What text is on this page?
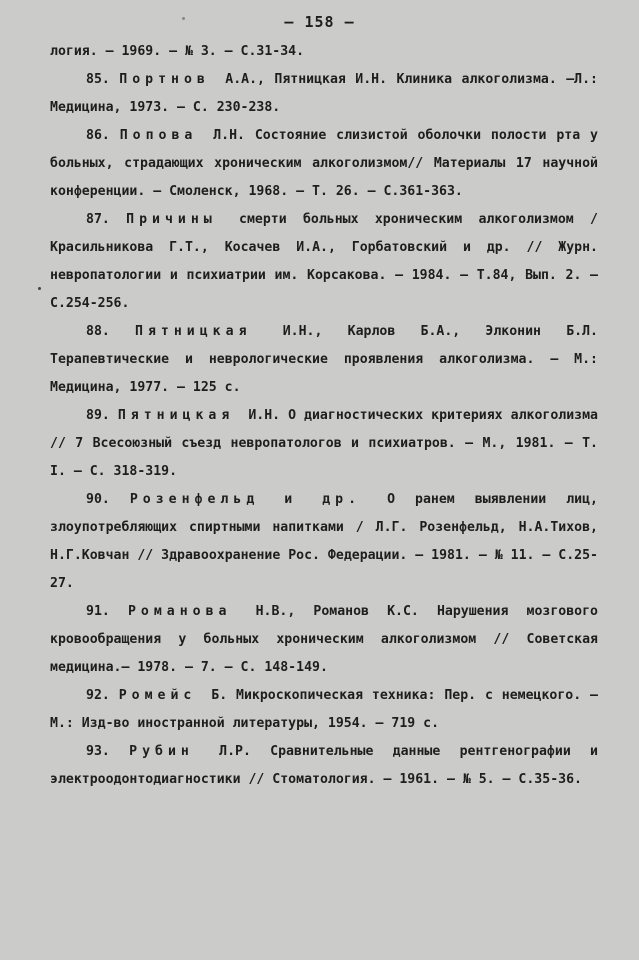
– 158 –
логия. – 1969. – № 3. – С.31-34.
85. Портнов А.А., Пятницкая И.Н. Клиника алкоголизма. –Л.: Медицина, 1973. – С. 230-238.
86. Попова Л.Н. Состояние слизистой оболочки полости рта у больных, страдающих хроническим алкоголизмом// Материалы 17 научной конференции. – Смоленск, 1968. – Т. 26. – С.361-363.
87. Причины смерти больных хроническим алкоголизмом /Красильникова Г.Т., Косачев И.А., Горбатовский и др. // Журн. невропатологии и психиатрии им. Корсакова. – 1984. – Т.84, Вып. 2. – С.254-256.
88. Пятницкая И.Н., Карлов Б.А., Элконин Б.Л. Терапевтические и неврологические проявления алкоголизма. – М.: Медицина, 1977. – 125 с.
89. Пятницкая И.Н. О диагностических критериях алкоголизма // 7 Всесоюзный съезд невропатологов и психиатров. – М., 1981. – Т. I. – С. 318-319.
90. Розенфельд и др. О ранем выявлении лиц, злоупотребляющих спиртными напитками / Л.Г. Розенфельд, Н.А.Тихов, Н.Г.Ковчан // Здравоохранение Рос. Федерации. – 1981. – № 11. – С.25-27.
91. Романова Н.В., Романов К.С. Нарушения мозгового кровообращения у больных хроническим алкоголизмом // Советская медицина.– 1978. – 7. – С. 148-149.
92. Ромейс Б. Микроскопическая техника: Пер. с немецкого. – М.: Изд-во иностранной литературы, 1954. – 719 с.
93. Рубин Л.Р. Сравнительные данные рентгенографии и электроодонтодиагностики // Стоматология. – 1961. – № 5. – С.35-36.
